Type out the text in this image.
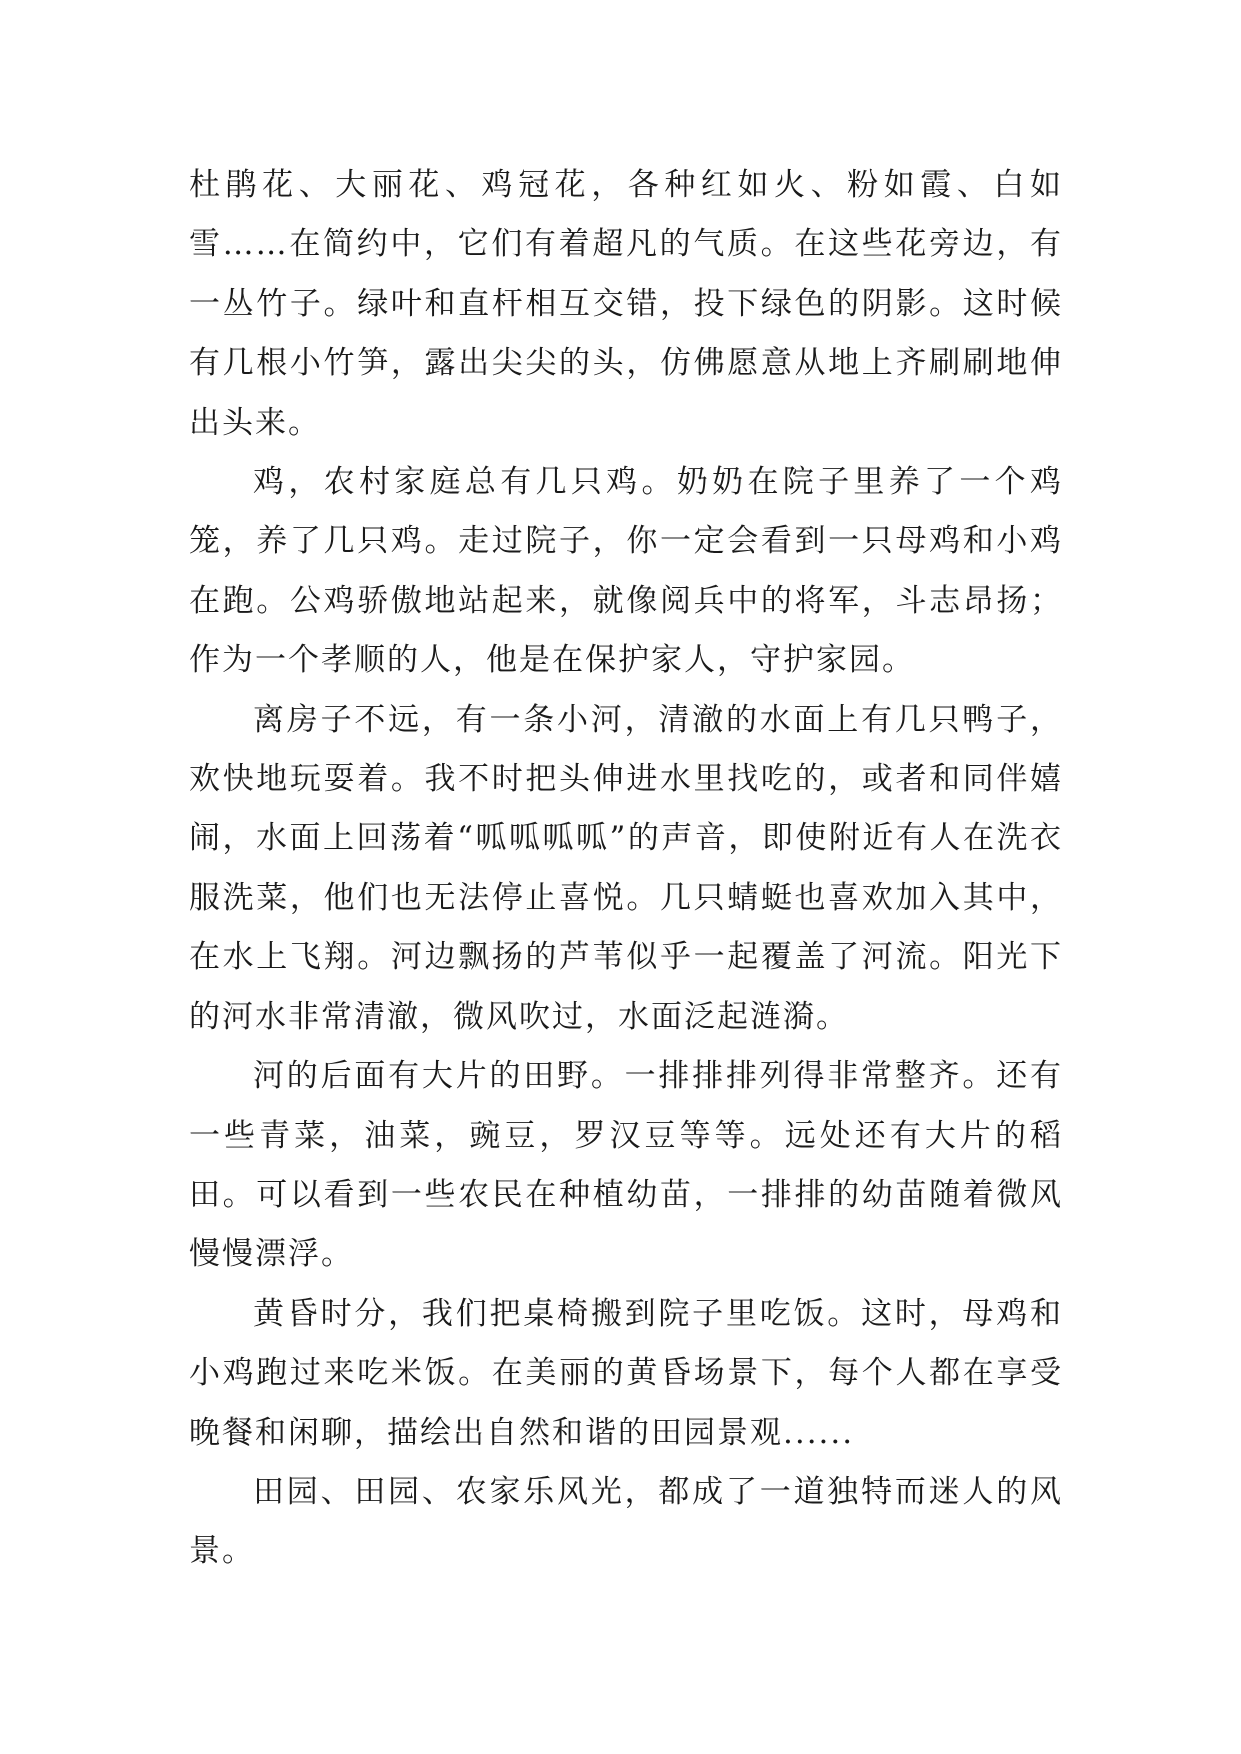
杜鹃花、大丽花、鸡冠花，各种红如火、粉如霞、白如雪……在简约中，它们有着超凡的气质。在这些花旁边，有一丛竹子。绿叶和直杆相互交错，投下绿色的阴影。这时候有几根小竹笋，露出尖尖的头，仿佛愿意从地上齐刷刷地伸出头来。

鸡，农村家庭总有几只鸡。奶奶在院子里养了一个鸡笼，养了几只鸡。走过院子，你一定会看到一只母鸡和小鸡在跑。公鸡骄傲地站起来，就像阅兵中的将军，斗志昂扬；作为一个孝顺的人，他是在保护家人，守护家园。

离房子不远，有一条小河，清澈的水面上有几只鸭子，欢快地玩耍着。我不时把头伸进水里找吃的，或者和同伴嬉闹，水面上回荡着“呱呱呱呱”的声音，即使附近有人在洗衣服洗菜，他们也无法停止喜悦。几只蜻蜓也喜欢加入其中，在水上飞翔。河边飘扬的芦苇似乎一起覆盖了河流。阳光下的河水非常清澈，微风吹过，水面泛起涟漪。

河的后面有大片的田野。一排排排列得非常整齐。还有一些青菜，油菜，豌豆，罗汉豆等等。远处还有大片的稻田。可以看到一些农民在种植幼苗，一排排的幼苗随着微风慢慢漂浮。

黄昏时分，我们把桌椅搬到院子里吃饭。这时，母鸡和小鸡跑过来吃米饭。在美丽的黄昏场景下，每个人都在享受晚餐和闲聊，描绘出自然和谐的田园景观......

田园、田园、农家乐风光，都成了一道独特而迷人的风景。
